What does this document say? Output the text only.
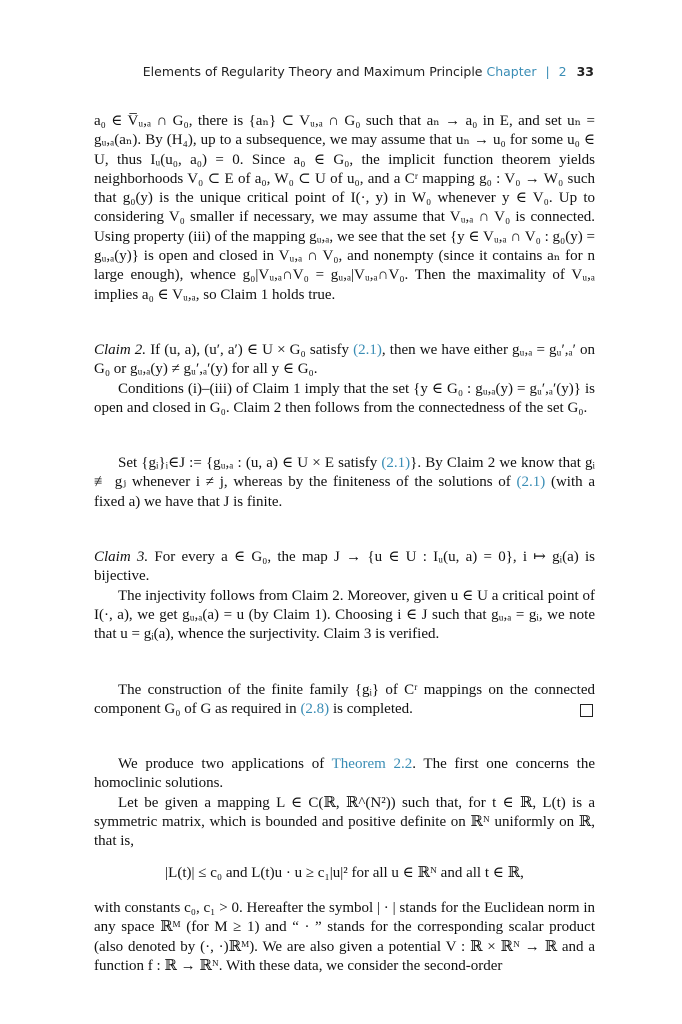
Elements of Regularity Theory and Maximum Principle Chapter | 2 33

a₀ ∈ V̅ᵤ,ₐ ∩ G₀, there is {aₙ} ⊂ Vᵤ,ₐ ∩ G₀ such that aₙ → a₀ in E, and set uₙ = gᵤ,ₐ(aₙ). By (H₄), up to a subsequence, we may assume that uₙ → u₀ for some u₀ ∈ U, thus Iᵤ(u₀, a₀) = 0. Since a₀ ∈ G₀, the implicit function theorem yields neighborhoods V₀ ⊂ E of a₀, W₀ ⊂ U of u₀, and a Cʳ mapping g₀ : V₀ → W₀ such that g₀(y) is the unique critical point of I(·, y) in W₀ whenever y ∈ V₀. Up to considering V₀ smaller if necessary, we may assume that Vᵤ,ₐ ∩ V₀ is connected. Using property (iii) of the mapping gᵤ,ₐ, we see that the set {y ∈ Vᵤ,ₐ ∩ V₀ : g₀(y) = gᵤ,ₐ(y)} is open and closed in Vᵤ,ₐ ∩ V₀, and nonempty (since it contains aₙ for n large enough), whence g₀|Vᵤ,ₐ∩V₀ = gᵤ,ₐ|Vᵤ,ₐ∩V₀. Then the maximality of Vᵤ,ₐ implies a₀ ∈ Vᵤ,ₐ, so Claim 1 holds true.

Claim 2. If (u, a), (u′, a′) ∈ U × G₀ satisfy (2.1), then we have either gᵤ,ₐ = gᵤ′,ₐ′ on G₀ or gᵤ,ₐ(y) ≠ gᵤ′,ₐ′(y) for all y ∈ G₀.

Conditions (i)–(iii) of Claim 1 imply that the set {y ∈ G₀ : gᵤ,ₐ(y) = gᵤ′,ₐ′(y)} is open and closed in G₀. Claim 2 then follows from the connectedness of the set G₀.

Set {gᵢ}ᵢ∈J := {gᵤ,ₐ : (u, a) ∈ U × E satisfy (2.1)}. By Claim 2 we know that gᵢ ≢ gⱼ whenever i ≠ j, whereas by the finiteness of the solutions of (2.1) (with a fixed a) we have that J is finite.

Claim 3. For every a ∈ G₀, the map J → {u ∈ U : Iᵤ(u, a) = 0}, i ↦ gᵢ(a) is bijective.

The injectivity follows from Claim 2. Moreover, given u ∈ U a critical point of I(·, a), we get gᵤ,ₐ(a) = u (by Claim 1). Choosing i ∈ J such that gᵤ,ₐ = gᵢ, we note that u = gᵢ(a), whence the surjectivity. Claim 3 is verified.

The construction of the finite family {gᵢ} of Cʳ mappings on the connected component G₀ of G as required in (2.8) is completed.

We produce two applications of Theorem 2.2. The first one concerns the homoclinic solutions.

Let be given a mapping L ∈ C(ℝ, ℝ^(N²)) such that, for t ∈ ℝ, L(t) is a symmetric matrix, which is bounded and positive definite on ℝᴺ uniformly on ℝ, that is,

|L(t)| ≤ c₀ and L(t)u · u ≥ c₁|u|² for all u ∈ ℝᴺ and all t ∈ ℝ,

with constants c₀, c₁ > 0. Hereafter the symbol | · | stands for the Euclidean norm in any space ℝᴹ (for M ≥ 1) and “ · ” stands for the corresponding scalar product (also denoted by (·, ·)ℝᴹ). We are also given a potential V : ℝ × ℝᴺ → ℝ and a function f : ℝ → ℝᴺ. With these data, we consider the second-order
